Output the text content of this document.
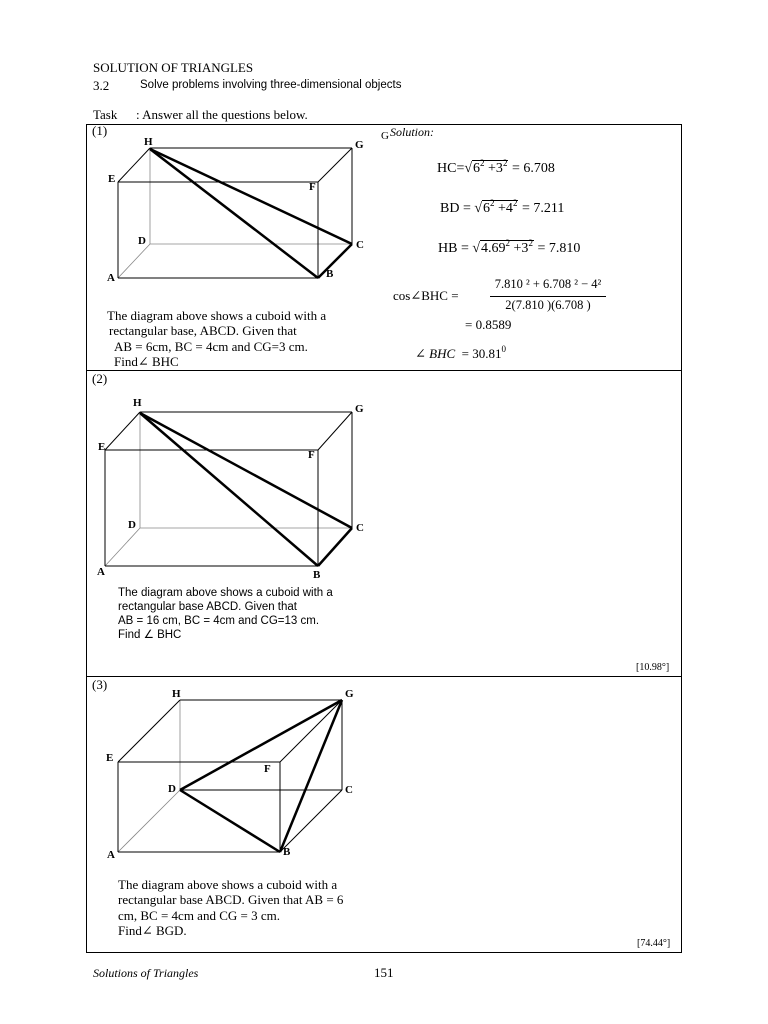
SOLUTION OF TRIANGLES
3.2	Solve problems involving three-dimensional objects
Task : Answer all the questions below.
(1)
H	G
E
F
D	C
A	B
The diagram above shows a cuboid with a
rectangular base, ABCD. Given that
AB = 6cm, BC = 4cm and CG=3 cm.
Find∠ BHC
G Solution:
$HC=√6^2 +3^2 = 6.708$
BD = $√6^2 +4^2 = 7.211$
HB = $√4.69^2 +3^2 = 7.810$
cos∠BHC =
7.810 ² + 6.708 ² − 4²
2(7.810 )(6.708 )
= 0.8589
∠ BHC = $30.81^0$
(2)
H	G
E
F
D	C
A	B
The diagram above shows a cuboid with a
rectangular base ABCD. Given that
AB = 16 cm, BC = 4cm and CG=13 cm.
Find ∠ BHC
[10.98°]
(3)
H	G
E
F
D	C
A	B
The diagram above shows a cuboid with a
rectangular base ABCD. Given that AB = 6
cm, BC = 4cm and CG = 3 cm.
Find∠ BGD.
[74.44°]
Solutions of Triangles	151
